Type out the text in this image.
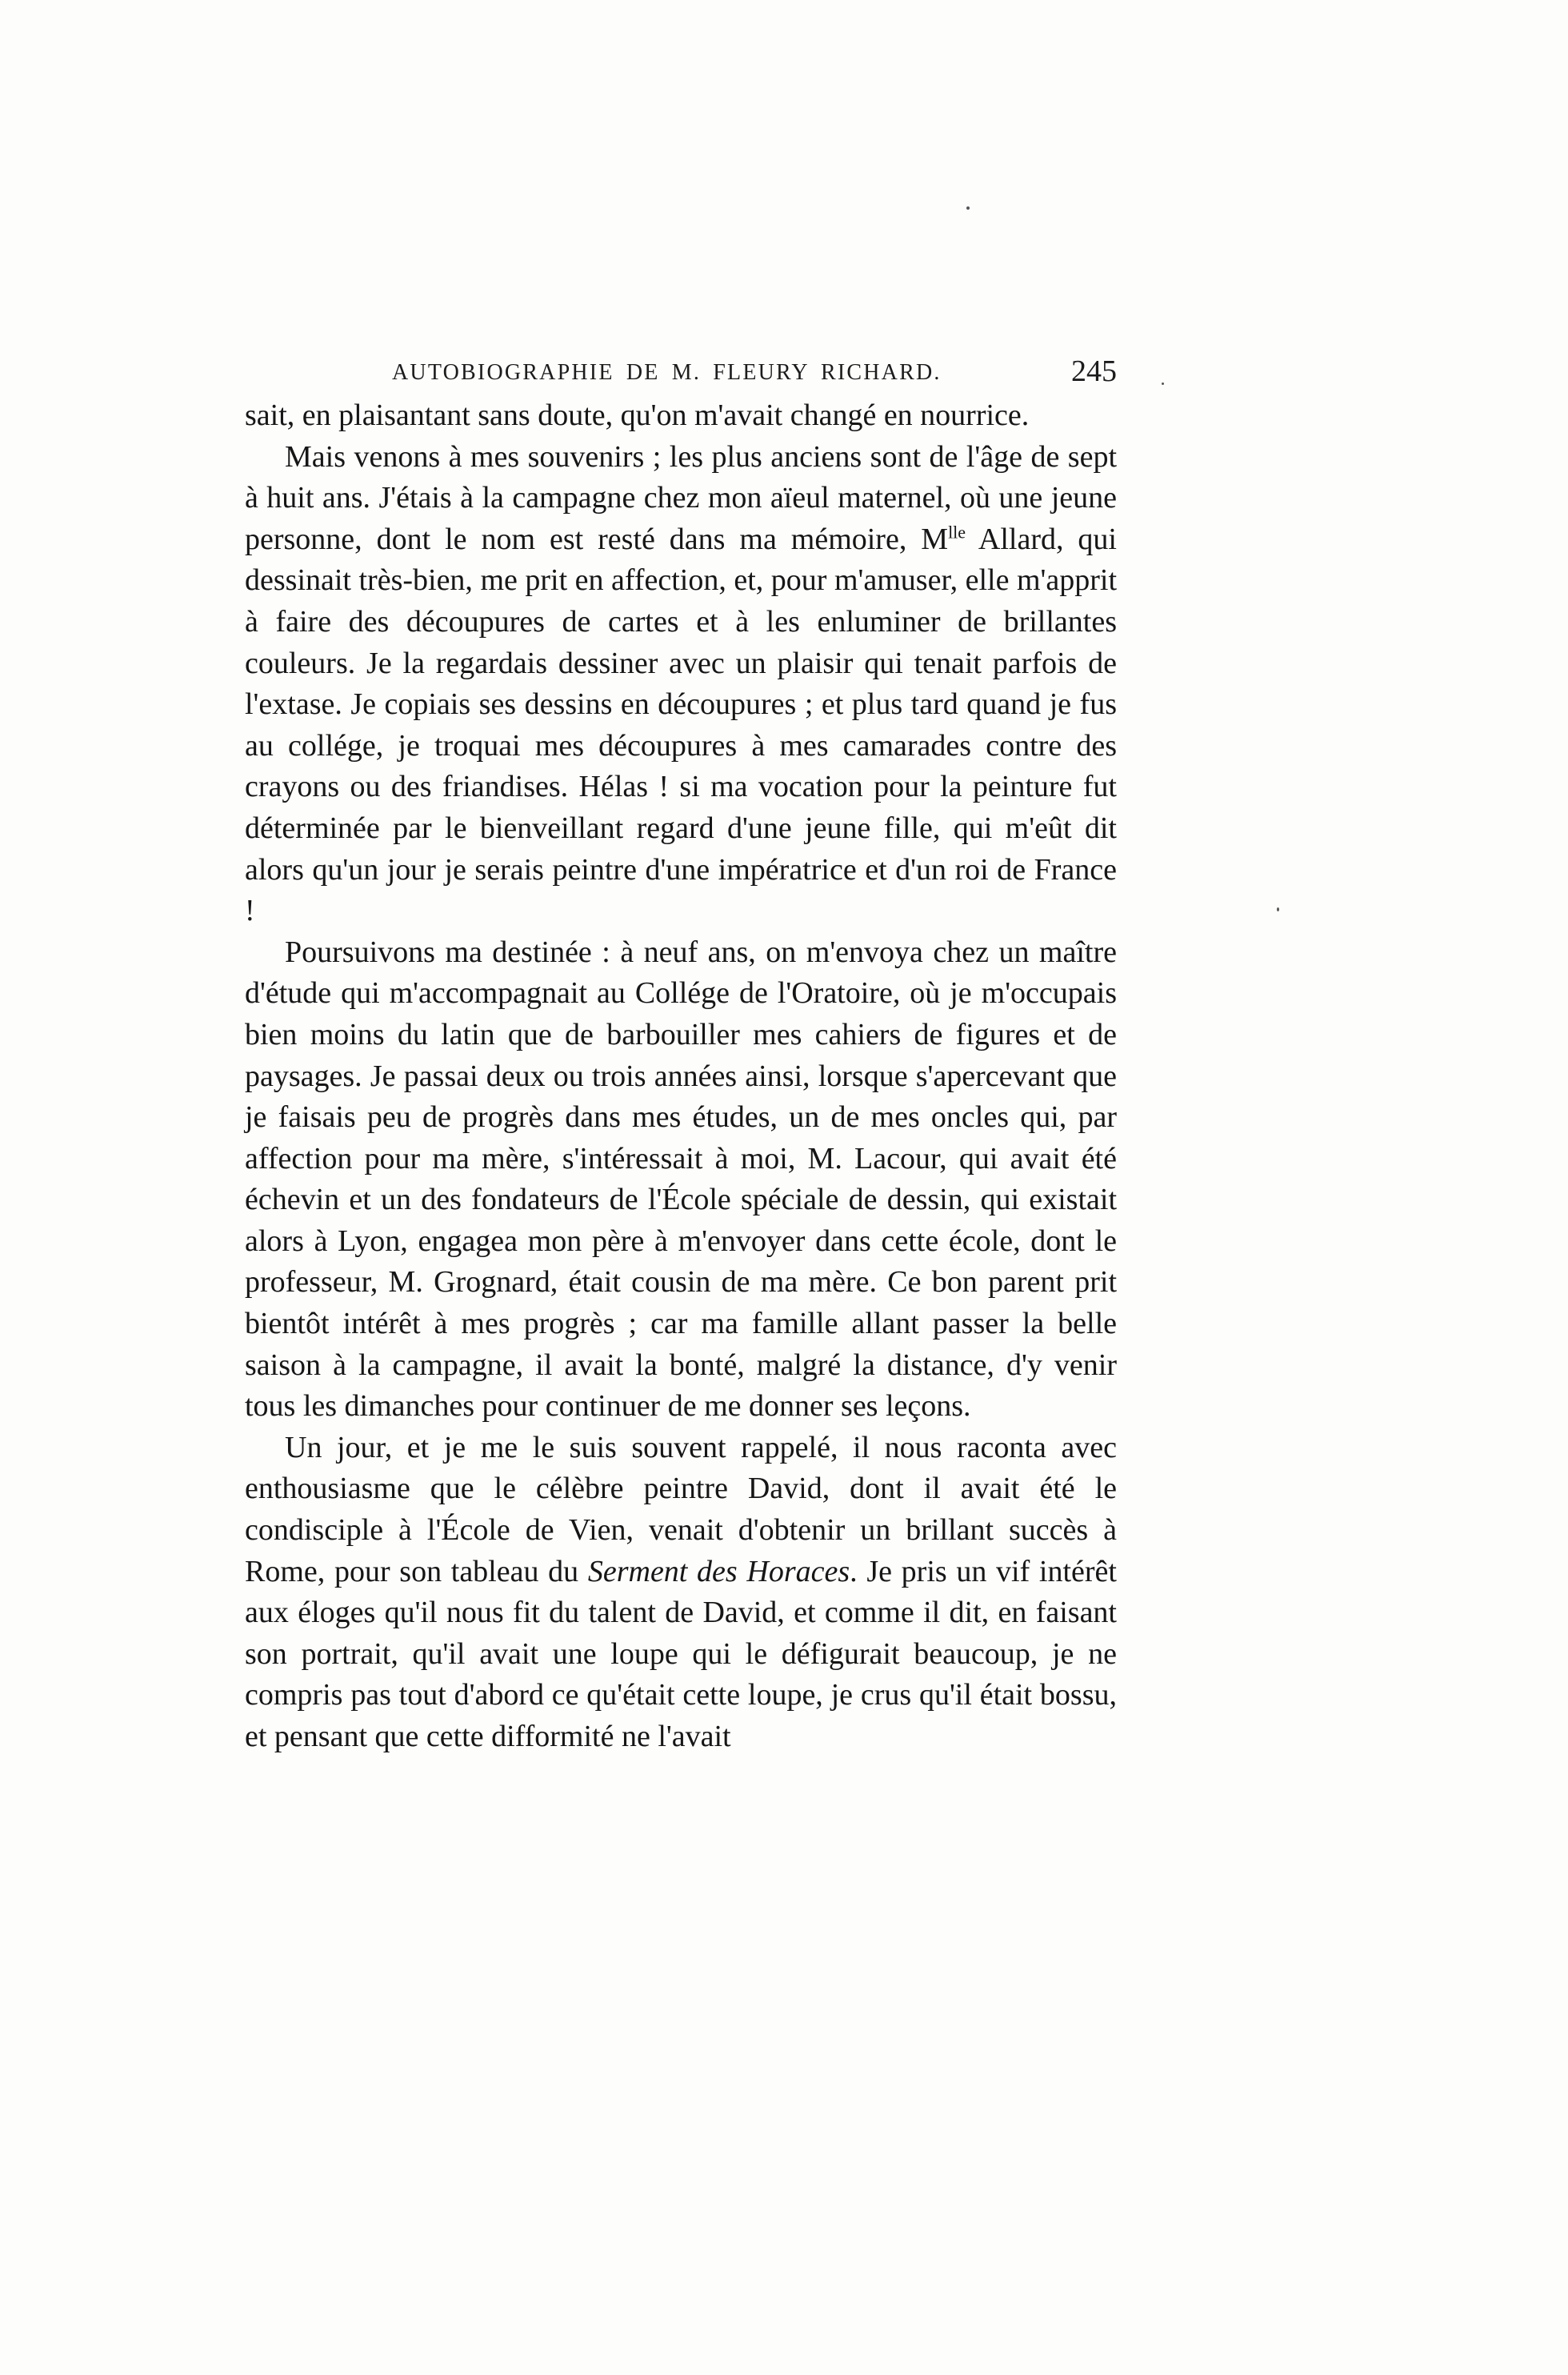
AUTOBIOGRAPHIE DE M. FLEURY RICHARD.	245

sait, en plaisantant sans doute, qu'on m'avait changé en nourrice.

Mais venons à mes souvenirs ; les plus anciens sont de l'âge de sept à huit ans. J'étais à la campagne chez mon aïeul maternel, où une jeune personne, dont le nom est resté dans ma mémoire, $M^{lle}$ Allard, qui dessinait très-bien, me prit en affection, et, pour m'amuser, elle m'apprit à faire des découpures de cartes et à les enluminer de brillantes couleurs. Je la regardais dessiner avec un plaisir qui tenait parfois de l'extase. Je copiais ses dessins en découpures ; et plus tard quand je fus au collége, je troquai mes découpures à mes camarades contre des crayons ou des friandises. Hélas ! si ma vocation pour la peinture fut déterminée par le bienveillant regard d'une jeune fille, qui m'eût dit alors qu'un jour je serais peintre d'une impératrice et d'un roi de France !

Poursuivons ma destinée : à neuf ans, on m'envoya chez un maître d'étude qui m'accompagnait au Collége de l'Oratoire, où je m'occupais bien moins du latin que de barbouiller mes cahiers de figures et de paysages. Je passai deux ou trois années ainsi, lorsque s'apercevant que je faisais peu de progrès dans mes études, un de mes oncles qui, par affection pour ma mère, s'intéressait à moi, M. Lacour, qui avait été échevin et un des fondateurs de l'École spéciale de dessin, qui existait alors à Lyon, engagea mon père à m'envoyer dans cette école, dont le professeur, M. Grognard, était cousin de ma mère. Ce bon parent prit bientôt intérêt à mes progrès ; car ma famille allant passer la belle saison à la campagne, il avait la bonté, malgré la distance, d'y venir tous les dimanches pour continuer de me donner ses leçons.

Un jour, et je me le suis souvent rappelé, il nous raconta avec enthousiasme que le célèbre peintre David, dont il avait été le condisciple à l'École de Vien, venait d'obtenir un brillant succès à Rome, pour son tableau du Serment des Horaces. Je pris un vif intérêt aux éloges qu'il nous fit du talent de David, et comme il dit, en faisant son portrait, qu'il avait une loupe qui le défigurait beaucoup, je ne compris pas tout d'abord ce qu'était cette loupe, je crus qu'il était bossu, et pensant que cette difformité ne l'avait
